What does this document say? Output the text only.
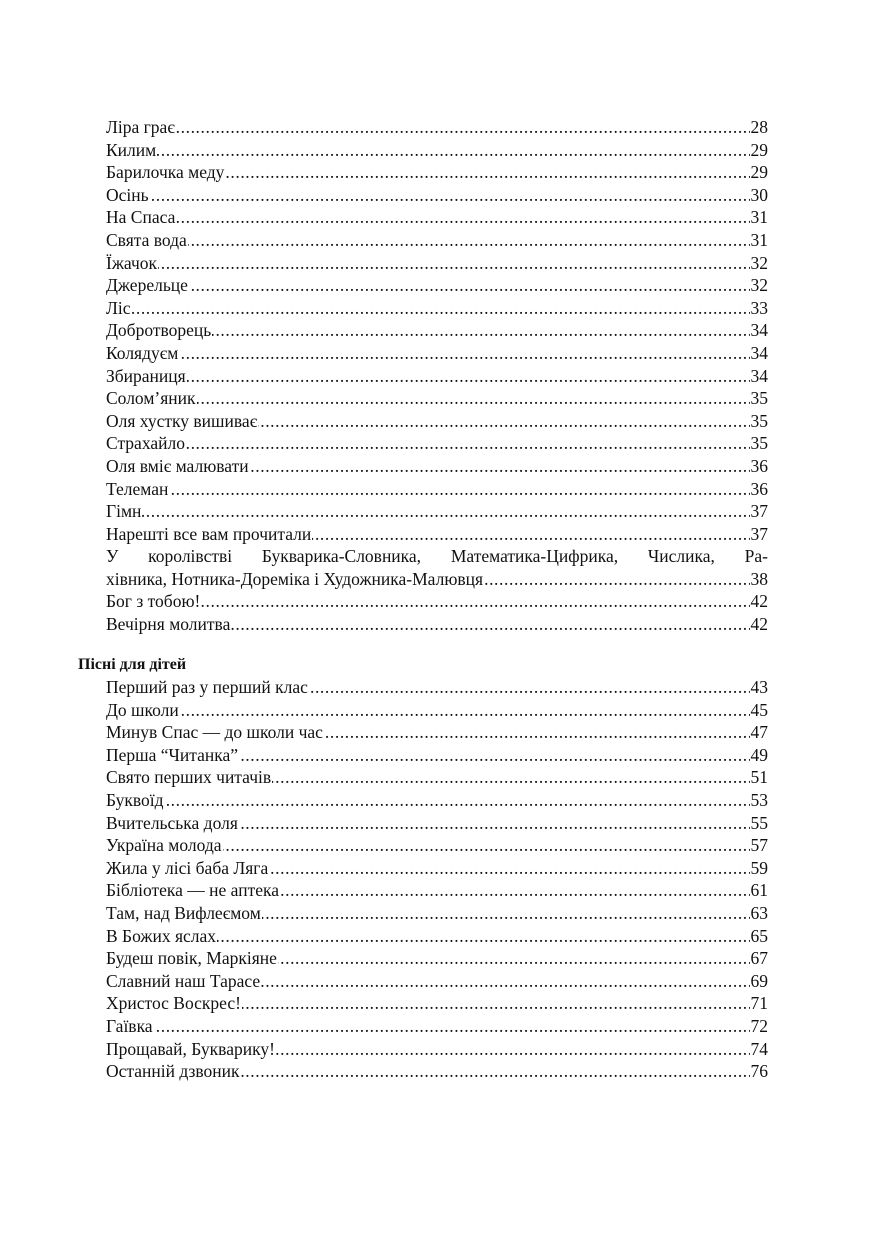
Ліра грає	28
.....
Килим	29
.....
Барилочка меду	29
.....
Осінь	30
.....
На Спаса	31
.....
Свята вода	31
.....
Їжачок	32
.....
Джерельце	32
.....
Ліс	33
.....
Добротворець	34
.....
Колядуєм	34
.....
Збираниця	34
.....
Солом’яник	35
.....
Оля хустку вишиває	35
.....
Страхайло	35
.....
Оля вміє малювати	36
.....
Телеман	36
.....
Гімн	37
.....
Нарешті все вам прочитали	37
.....
У королівстві Букварика-Словника, Математика-Цифрика, Числика, Ра-
хівника, Нотника-Дореміка і Художника-Малювця	38
.....
Бог з тобою!	42
.....
Вечірня молитва	42
.....
Пісні для дітей
Перший раз у перший клас	43
.....
До школи	45
.....
Минув Спас — до школи час	47
.....
Перша “Читанка”	49
.....
Свято перших читачів	51
.....
Буквоїд	53
.....
Вчительська доля	55
.....
Україна молода	57
.....
Жила у лісі баба Ляга	59
.....
Бібліотека — не аптека	61
.....
Там, над Вифлеємом	63
.....
В Божих яслах	65
.....
Будеш повік, Маркіяне	67
.....
Славний наш Тарасе	69
.....
Христос Воскрес!	71
.....
Гаївка	72
.....
Прощавай, Букварику!	74
.....
Останній дзвоник	76
.....
